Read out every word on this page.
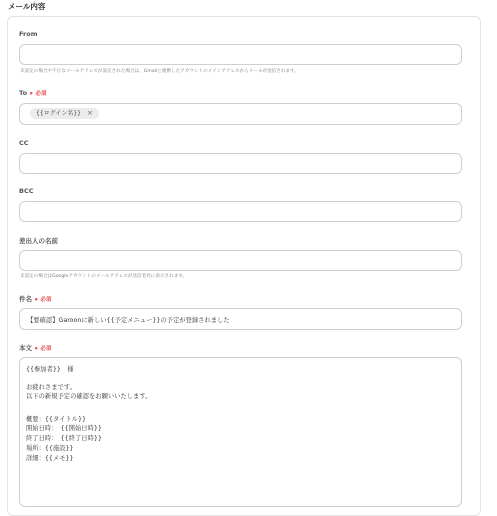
メール内容
From
未設定の場合や不正なメールアドレスが設定された場合は、Gmailと連携したアカウントのメインアドレスからメールが送信されます。
To • 必須
{{ログイン名}} ×
CC
BCC
差出人の名前
未設定の場合はGoogleアカウントのメールアドレスが送信者名に表示されます。
件名 • 必須
【要確認】Garoonに新しい{{予定メニュー}}の予定が登録されました
本文 • 必須
{{参加者}}　様
お疲れさまです。
以下の新規予定の確認をお願いいたします。
概要：{{タイトル}}
開始日時：　{{開始日時}}
終了日時：　{{終了日時}}
場所：{{施設}}
詳細：{{メモ}}
